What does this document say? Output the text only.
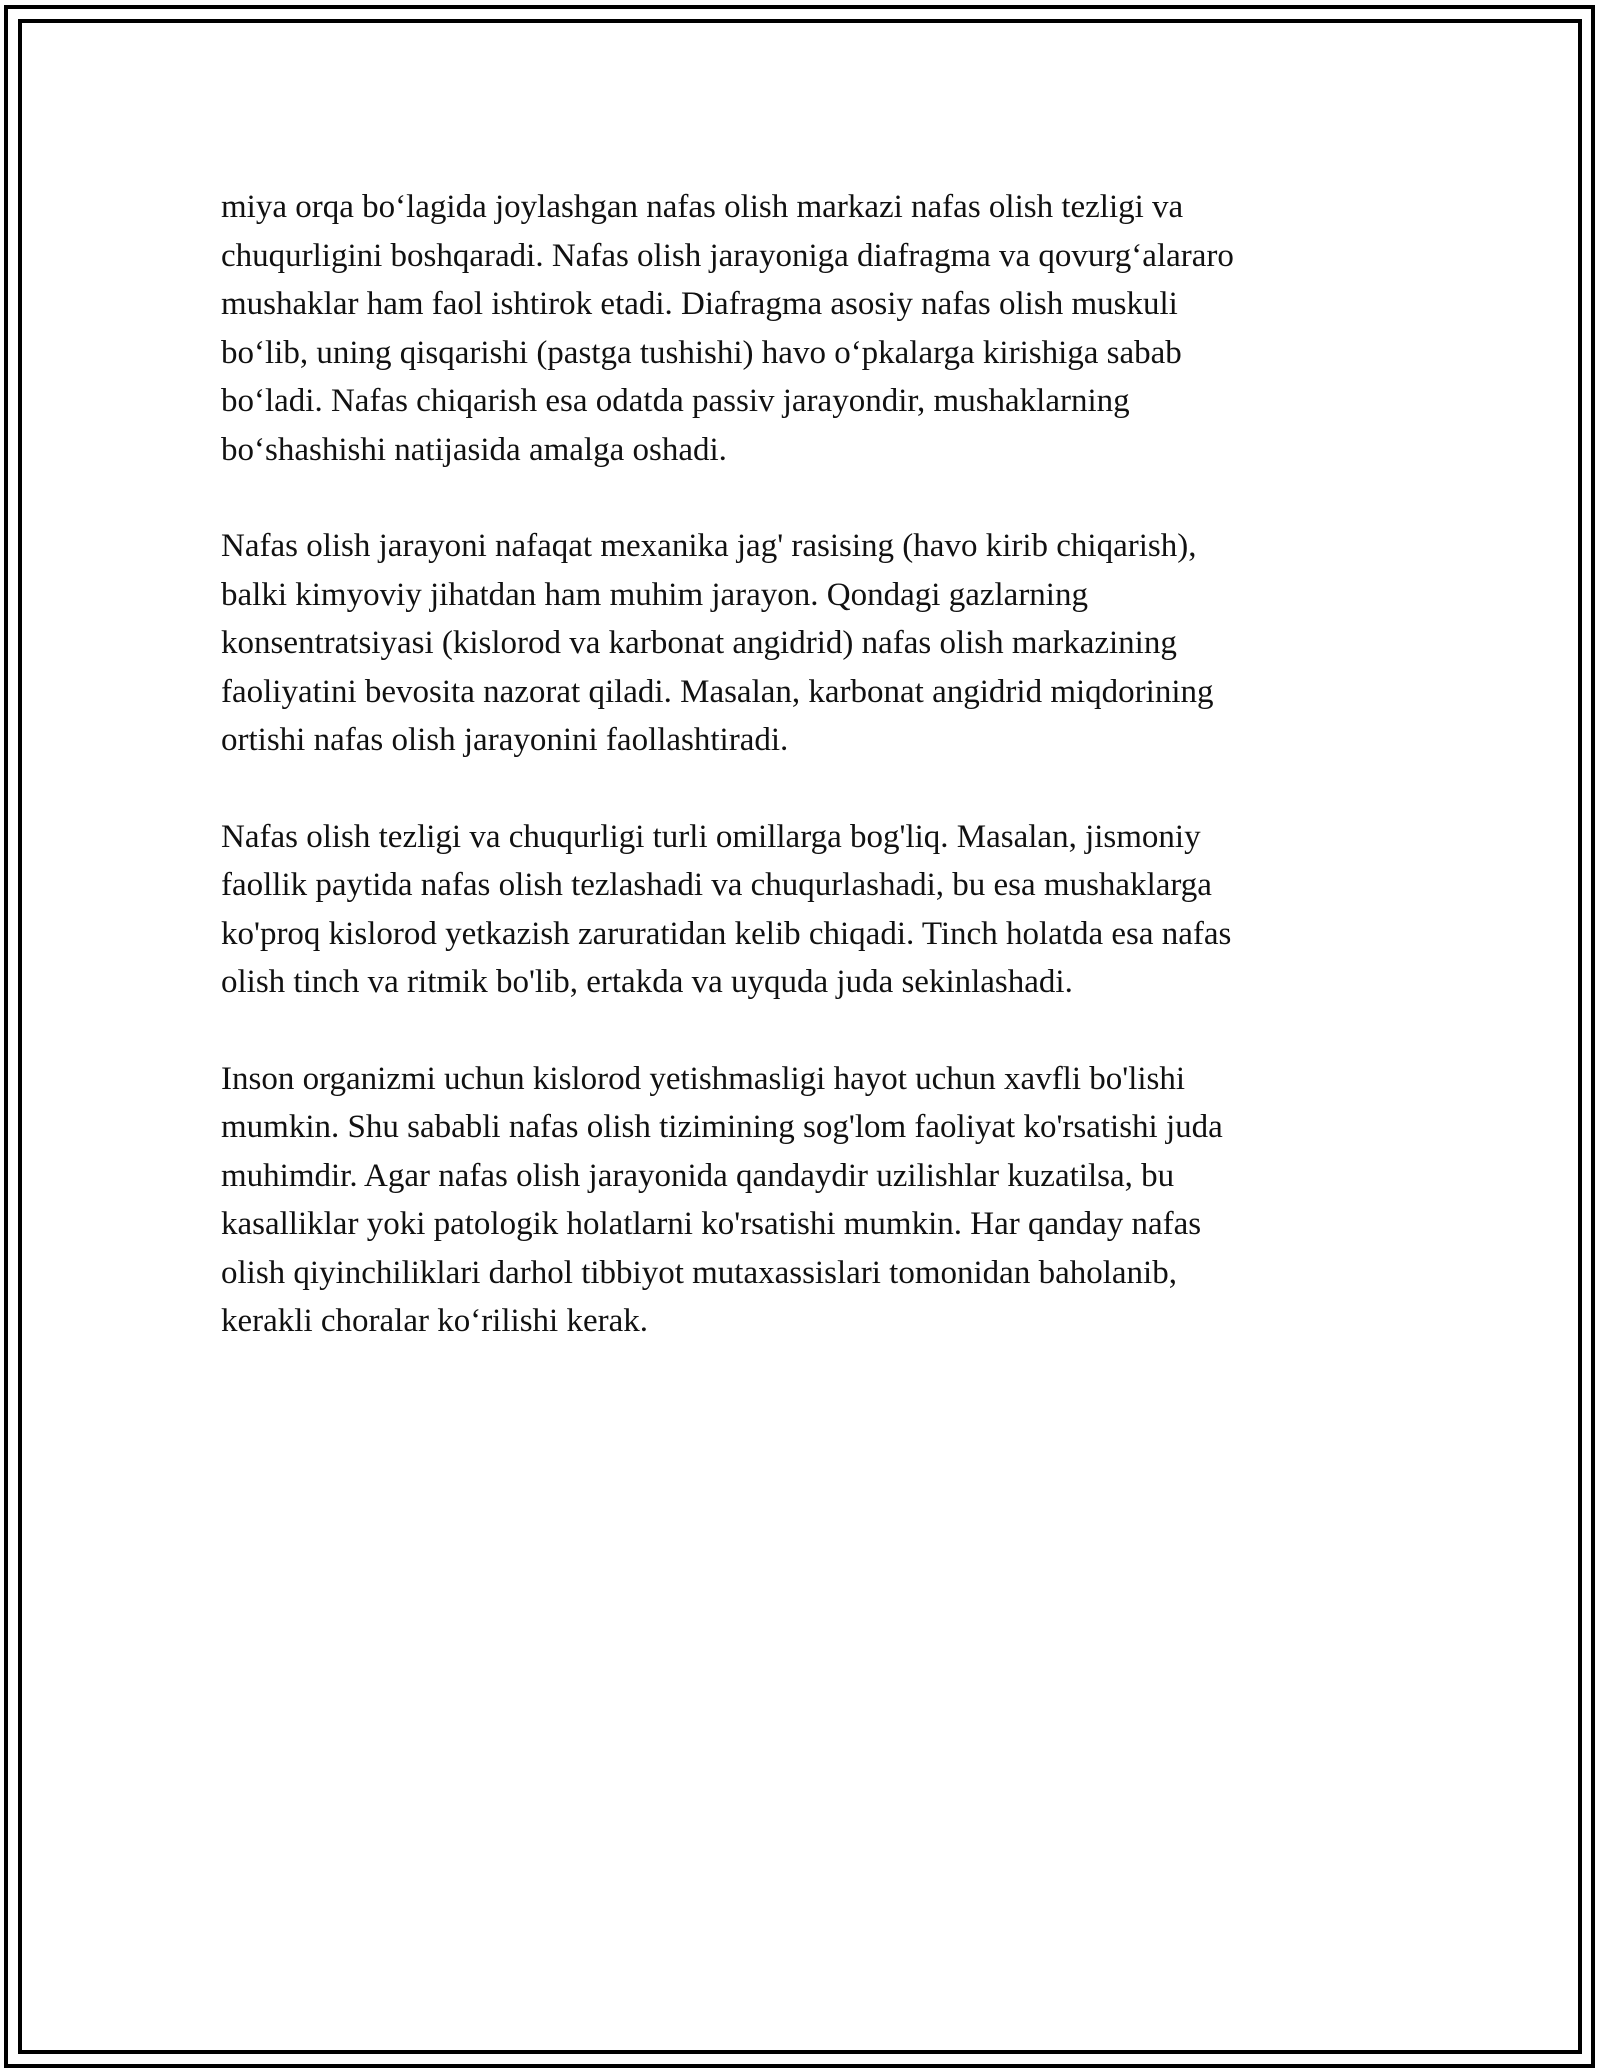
miya orqa bo‘lagida joylashgan nafas olish markazi nafas olish tezligi va
chuqurligini boshqaradi. Nafas olish jarayoniga diafragma va qovurg‘alararo
mushaklar ham faol ishtirok etadi. Diafragma asosiy nafas olish muskuli
bo‘lib, uning qisqarishi (pastga tushishi) havo o‘pkalarga kirishiga sabab
bo‘ladi. Nafas chiqarish esa odatda passiv jarayondir, mushaklarning
bo‘shashishi natijasida amalga oshadi.

Nafas olish jarayoni nafaqat mexanika jag' rasising (havo kirib chiqarish),
balki kimyoviy jihatdan ham muhim jarayon. Qondagi gazlarning
konsentratsiyasi (kislorod va karbonat angidrid) nafas olish markazining
faoliyatini bevosita nazorat qiladi. Masalan, karbonat angidrid miqdorining
ortishi nafas olish jarayonini faollashtiradi.

Nafas olish tezligi va chuqurligi turli omillarga bog'liq. Masalan, jismoniy
faollik paytida nafas olish tezlashadi va chuqurlashadi, bu esa mushaklarga
ko'proq kislorod yetkazish zaruratidan kelib chiqadi. Tinch holatda esa nafas
olish tinch va ritmik bo'lib, ertakda va uyquda juda sekinlashadi.

Inson organizmi uchun kislorod yetishmasligi hayot uchun xavfli bo'lishi
mumkin. Shu sababli nafas olish tizimining sog'lom faoliyat ko'rsatishi juda
muhimdir. Agar nafas olish jarayonida qandaydir uzilishlar kuzatilsa, bu
kasalliklar yoki patologik holatlarni ko'rsatishi mumkin. Har qanday nafas
olish qiyinchiliklari darhol tibbiyot mutaxassislari tomonidan baholanib,
kerakli choralar ko‘rilishi kerak.
